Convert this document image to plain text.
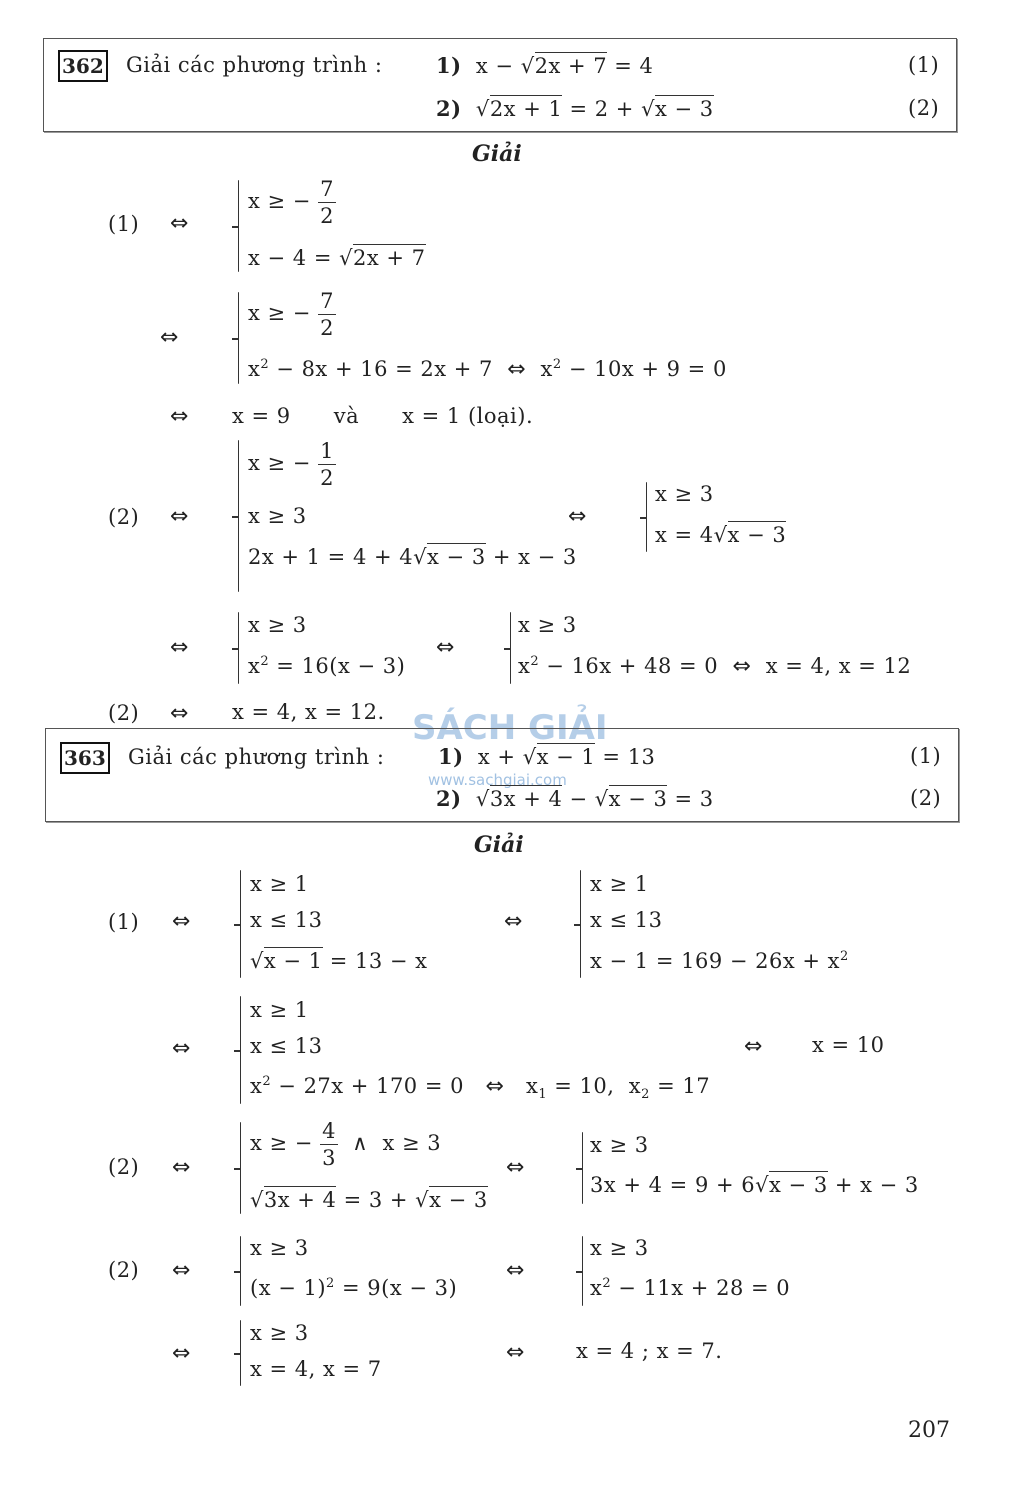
362 Giải các phương trình :	1)  x − √2x + 7 = 4	(1)
2) √2x + 1 = 2 + √x − 3	(2)
Giải
(1) ⇔
x ≥ − $\frac{7}{2}$
x − 4 = √2x + 7
⇔
x ≥ − $\frac{7}{2}$
$x^2 - 8x + 16 = 2x + 7$  ⇔  $x^2 - 10x + 9 = 0$
⇔ x = 9      và      x = 1 (loại).
(2) ⇔
x ≥ − $\frac{1}{2}$
x ≥ 3
2x + 1 = 4 + 4√x − 3 + x − 3
⇔
x ≥ 3
x = 4√x − 3
⇔
x ≥ 3
$x^2 = 16(x - 3)$
⇔
x ≥ 3
$x^2 - 16x + 48 = 0$  ⇔  x = 4, x = 12
(2) ⇔ x = 4, x = 12. SÁCH GIẢI
www.sachgiai.com
363 Giải các phương trình :	1)  x + √x − 1 = 13	(1)
2) √3x + 4 − √x − 3 = 3	(2)
Giải
(1) ⇔
x ≥ 1
x ≤ 13
√x − 1 = 13 − x
⇔
x ≥ 1
x ≤ 13
$x - 1 = 169 - 26x + x^2$
⇔
x ≥ 1
x ≤ 13
$x^2 - 27x + 170 = 0$   ⇔   $x_1 = 10$,  $x_2 = 17$
⇔ x = 10
(2) ⇔
x ≥ − $\frac{4}{3}$ ∧  x ≥ 3
√3x + 4 = 3 + √x − 3
⇔
x ≥ 3
3x + 4 = 9 + 6√x − 3 + x − 3
(2) ⇔
x ≥ 3
$(x - 1)^2 = 9(x - 3)$
⇔
x ≥ 3
$x^2 - 11x + 28 = 0$
⇔
x ≥ 3
x = 4, x = 7
⇔ x = 4 ; x = 7.
207
